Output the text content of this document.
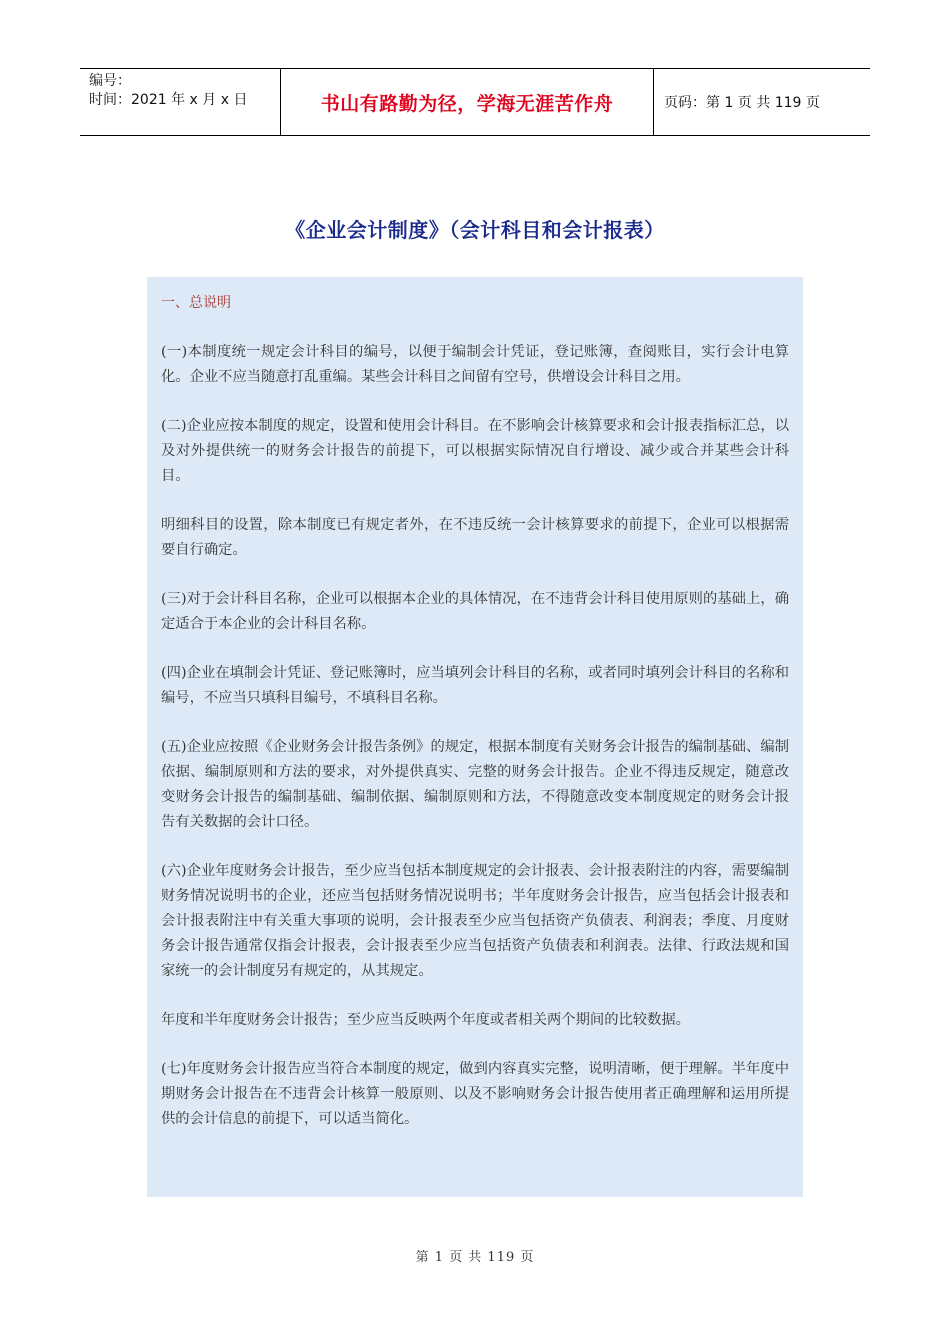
编号：
时间：2021 年 x 月 x 日	书山有路勤为径，学海无涯苦作舟	页码：第 1 页 共 119 页
《企业会计制度》（会计科目和会计报表）
一、总说明

(一)本制度统一规定会计科目的编号，以便于编制会计凭证，登记账簿，查阅账目，实行会计电算化。企业不应当随意打乱重编。某些会计科目之间留有空号，供增设会计科目之用。

(二)企业应按本制度的规定，设置和使用会计科目。在不影响会计核算要求和会计报表指标汇总，以及对外提供统一的财务会计报告的前提下，可以根据实际情况自行增设、减少或合并某些会计科目。

明细科目的设置，除本制度已有规定者外，在不违反统一会计核算要求的前提下，企业可以根据需要自行确定。

(三)对于会计科目名称，企业可以根据本企业的具体情况，在不违背会计科目使用原则的基础上，确定适合于本企业的会计科目名称。

(四)企业在填制会计凭证、登记账簿时，应当填列会计科目的名称，或者同时填列会计科目的名称和编号，不应当只填科目编号，不填科目名称。

(五)企业应按照《企业财务会计报告条例》的规定，根据本制度有关财务会计报告的编制基础、编制依据、编制原则和方法的要求，对外提供真实、完整的财务会计报告。企业不得违反规定，随意改变财务会计报告的编制基础、编制依据、编制原则和方法，不得随意改变本制度规定的财务会计报告有关数据的会计口径。

(六)企业年度财务会计报告，至少应当包括本制度规定的会计报表、会计报表附注的内容，需要编制财务情况说明书的企业，还应当包括财务情况说明书；半年度财务会计报告，应当包括会计报表和会计报表附注中有关重大事项的说明，会计报表至少应当包括资产负债表、利润表；季度、月度财务会计报告通常仅指会计报表，会计报表至少应当包括资产负债表和利润表。法律、行政法规和国家统一的会计制度另有规定的，从其规定。

年度和半年度财务会计报告；至少应当反映两个年度或者相关两个期间的比较数据。

(七)年度财务会计报告应当符合本制度的规定，做到内容真实完整，说明清晰，便于理解。半年度中期财务会计报告在不违背会计核算一般原则、以及不影响财务会计报告使用者正确理解和运用所提供的会计信息的前提下，可以适当简化。

第 1 页 共 119 页
